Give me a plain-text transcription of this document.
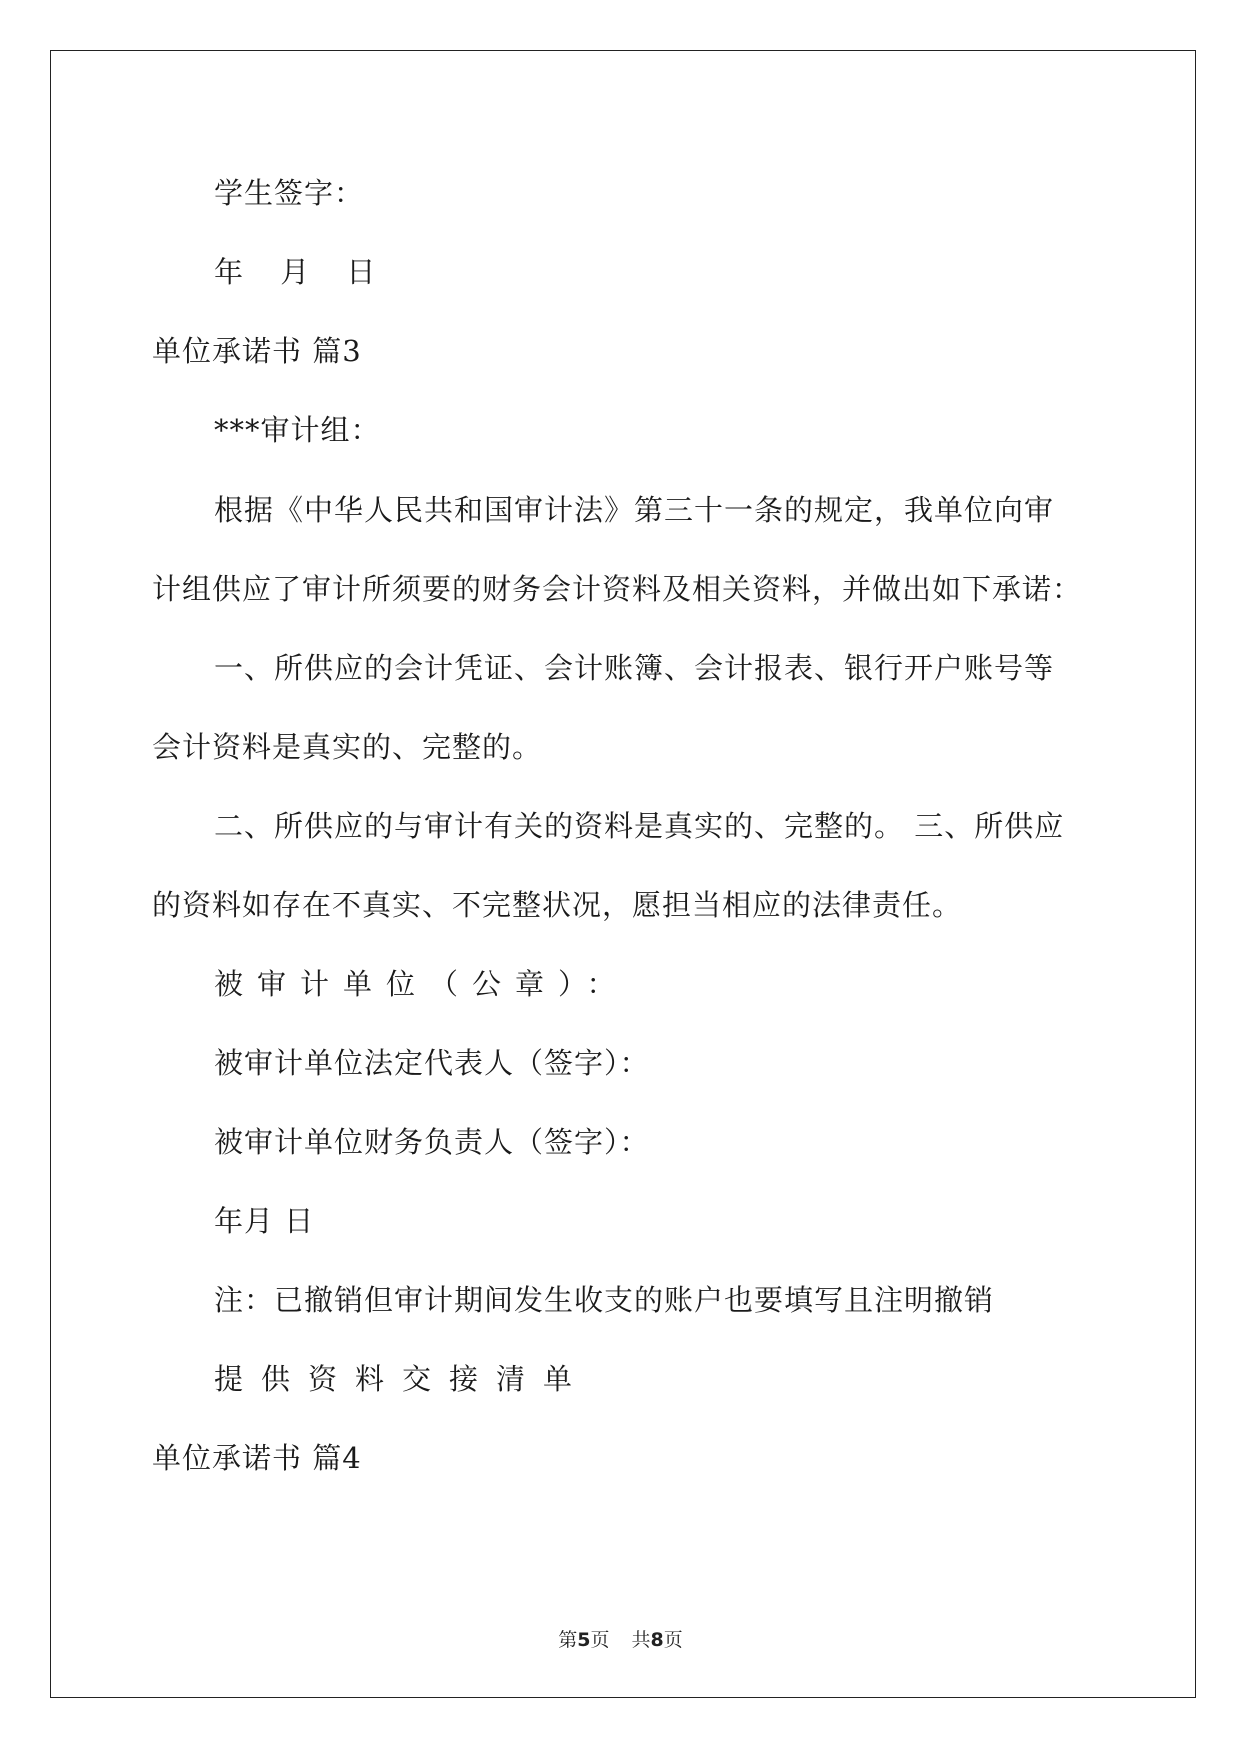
学生签字：
年 月 日
单位承诺书 篇3
***审计组：
根据《中华人民共和国审计法》第三十一条的规定，我单位向审
计组供应了审计所须要的财务会计资料及相关资料，并做出如下承诺：
一、所供应的会计凭证、会计账簿、会计报表、银行开户账号等
会计资料是真实的、完整的。
二、所供应的与审计有关的资料是真实的、完整的。 三、所供应
的资料如存在不真实、不完整状况，愿担当相应的法律责任。
被审计单位（公章）：
被审计单位法定代表人（签字）：
被审计单位财务负责人（签字）：
年月 日
注：已撤销但审计期间发生收支的账户也要填写且注明撤销
提供资料交接清单
单位承诺书 篇4
第5页 共8页
